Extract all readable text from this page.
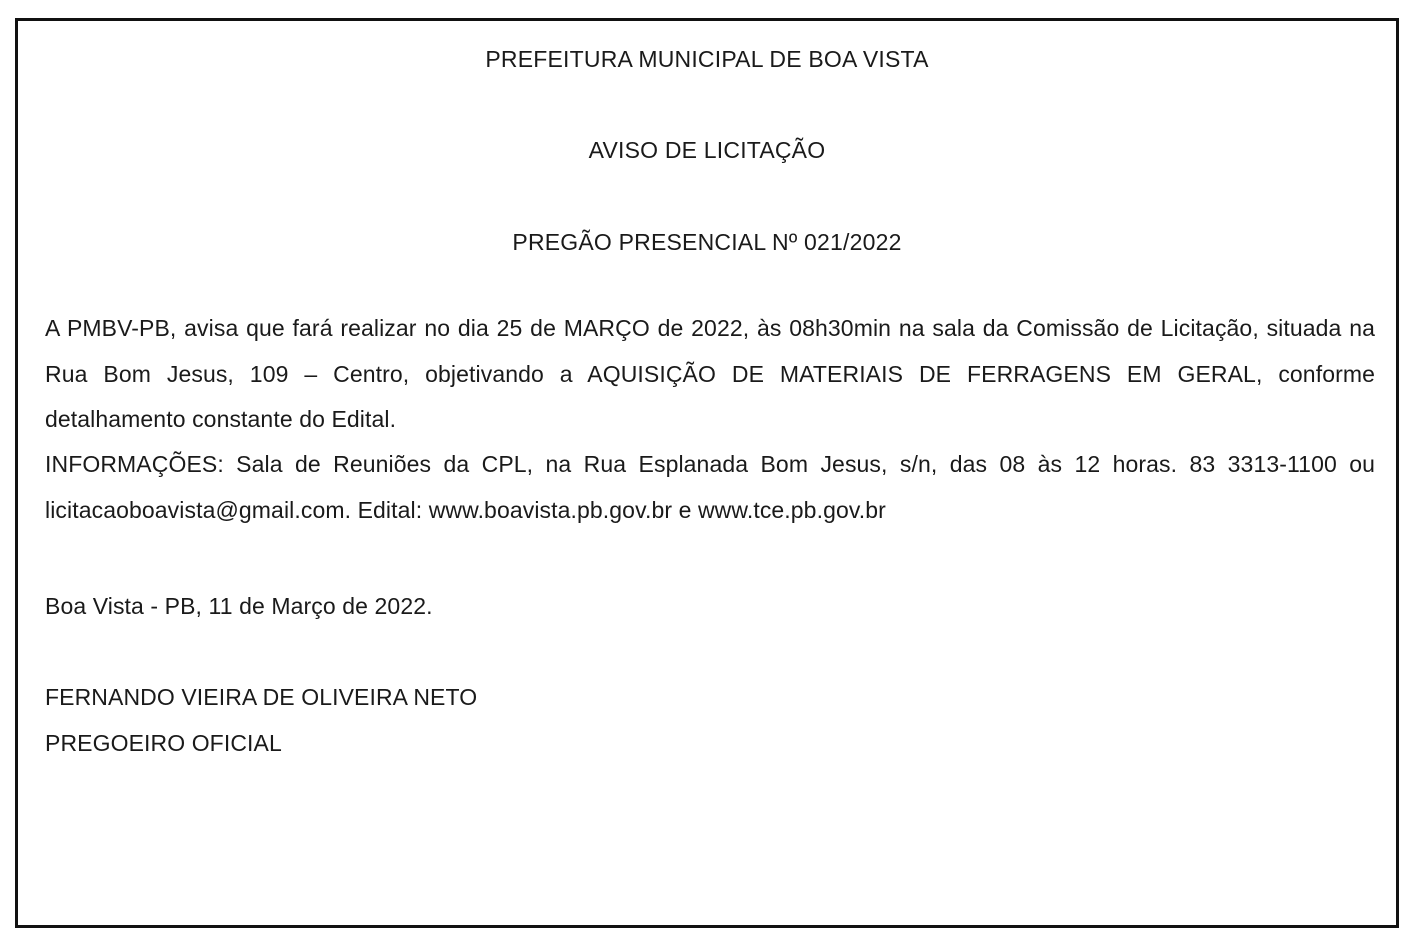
PREFEITURA MUNICIPAL DE BOA VISTA
AVISO DE LICITAÇÃO
PREGÃO PRESENCIAL Nº 021/2022

A PMBV-PB, avisa que fará realizar no dia 25 de MARÇO de 2022, às 08h30min na sala da Comissão de Licitação, situada na Rua Bom Jesus, 109 – Centro, objetivando a AQUISIÇÃO DE MATERIAIS DE FERRAGENS EM GERAL, conforme detalhamento constante do Edital.

INFORMAÇÕES: Sala de Reuniões da CPL, na Rua Esplanada Bom Jesus, s/n, das 08 às 12 horas. 83 3313-1100 ou licitacaoboavista@gmail.com. Edital: www.boavista.pb.gov.br e www.tce.pb.gov.br

Boa Vista - PB, 11 de Março de 2022.
FERNANDO VIEIRA DE OLIVEIRA NETO
PREGOEIRO OFICIAL
